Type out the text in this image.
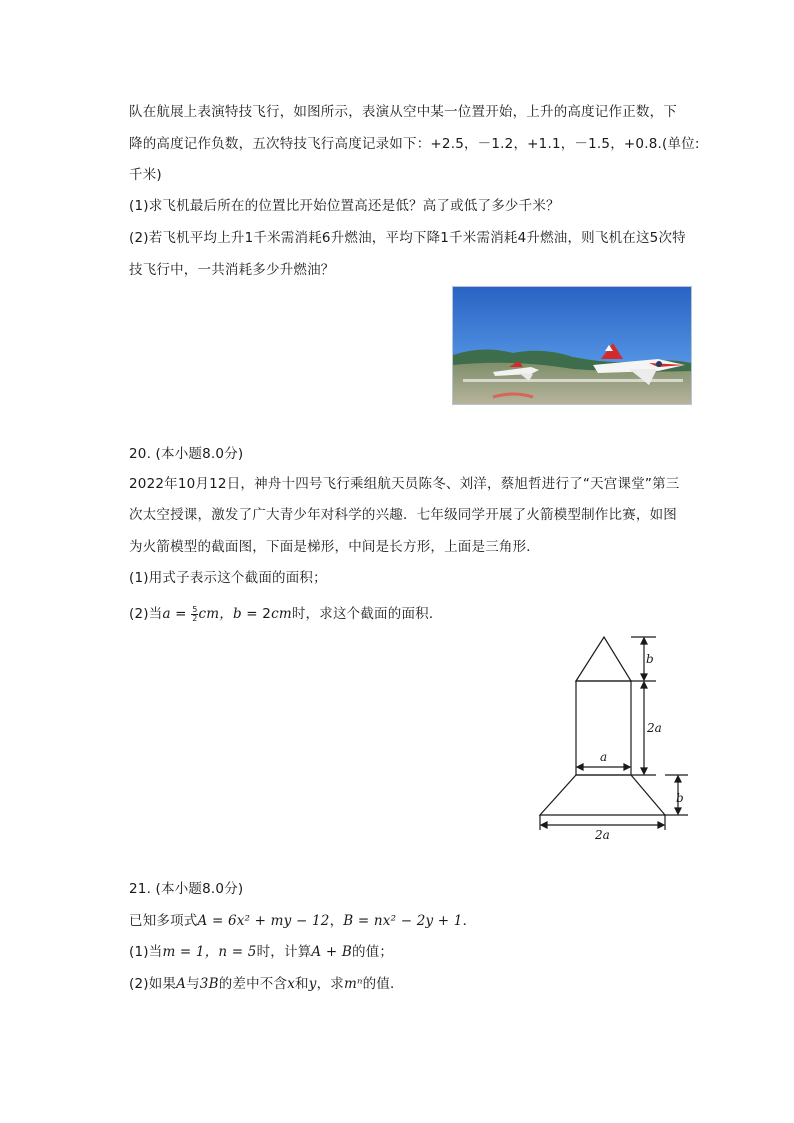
队在航展上表演特技飞行，如图所示，表演从空中某一位置开始，上升的高度记作正数，下
降的高度记作负数，五次特技飞行高度记录如下：+2.5，－1.2，+1.1，－1.5，+0.8.(单位:
千米)
(1)求飞机最后所在的位置比开始位置高还是低？高了或低了多少千米？
(2)若飞机平均上升1千米需消耗6升燃油，平均下降1千米需消耗4升燃油，则飞机在这5次特
技飞行中，一共消耗多少升燃油？
20. (本小题8.0分)
2022年10月12日，神舟十四号飞行乘组航天员陈冬、刘洋，蔡旭哲进行了“天宫课堂”第三
次太空授课，激发了广大青少年对科学的兴趣．七年级同学开展了火箭模型制作比赛，如图
为火箭模型的截面图，下面是梯形，中间是长方形，上面是三角形．
(1)用式子表示这个截面的面积；
(2)当$a = \frac{5}{2}$ cm，b = 2cm时，求这个截面的面积．
b
2a
a
b
2a
21. (本小题8.0分)
已知多项式A = 6x² + my − 12，B = nx² − 2y + 1．
(1)当m = 1，n = 5时，计算A + B的值；
(2)如果A与3B的差中不含x和y，求mⁿ的值．
